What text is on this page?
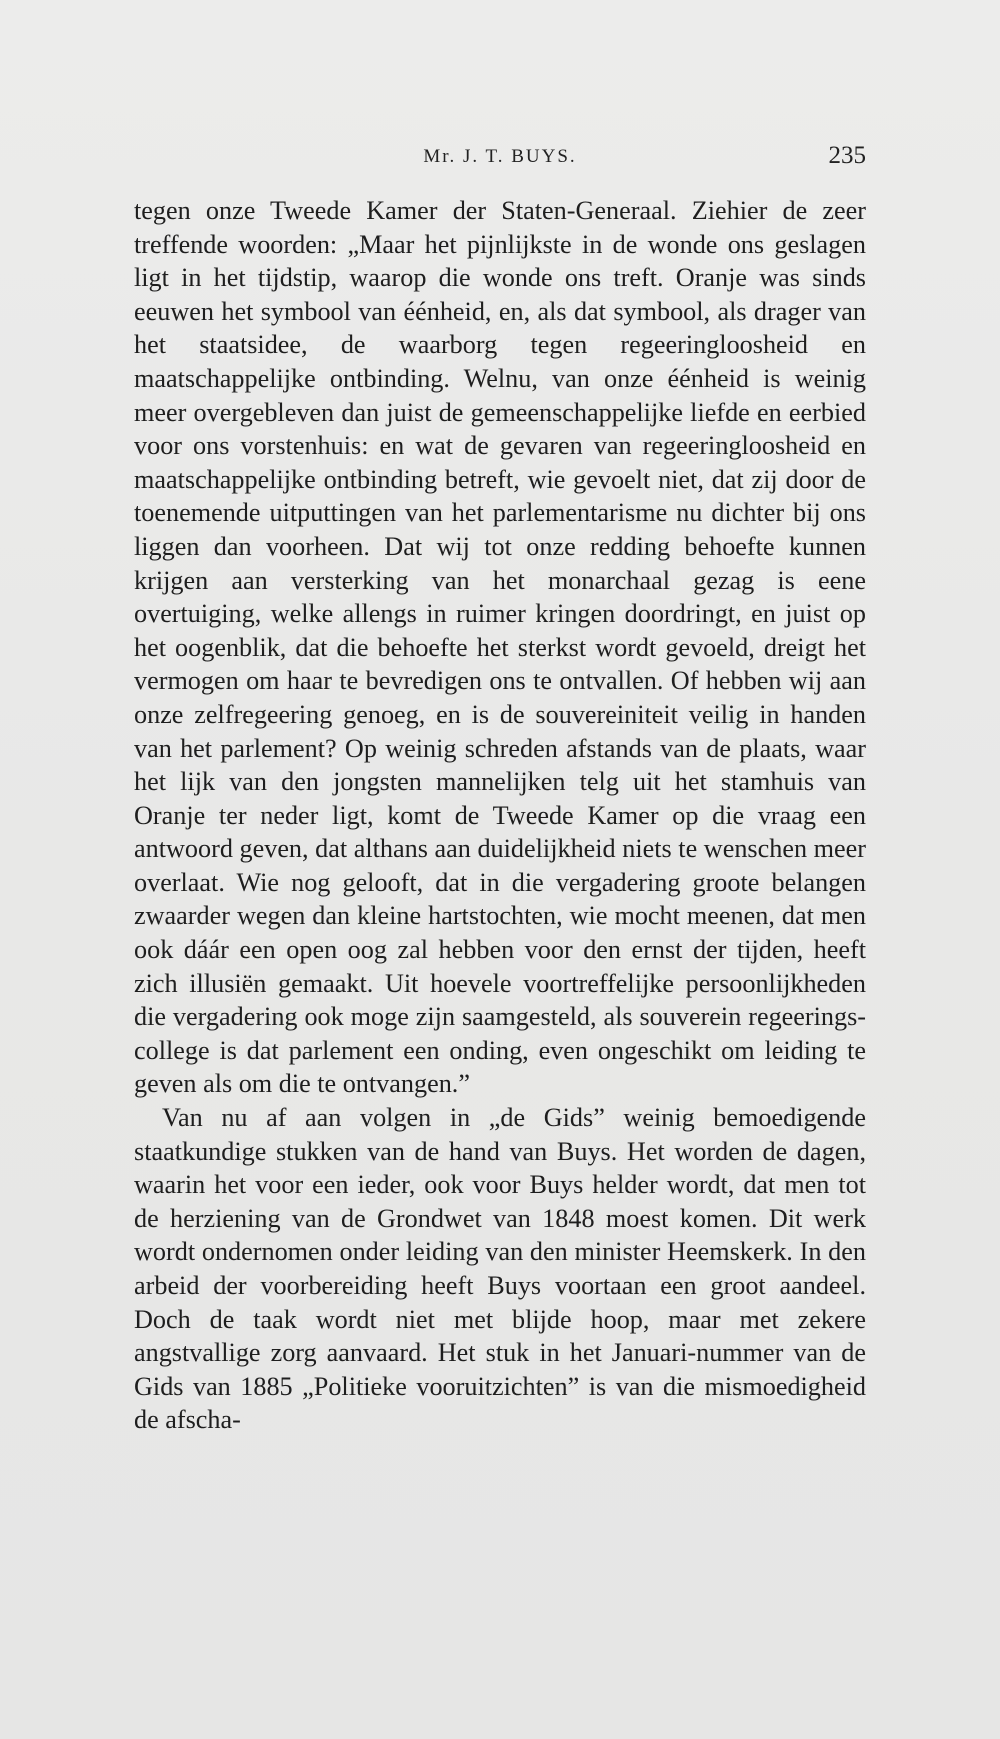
Mr. J. T. BUYS.	235

tegen onze Tweede Kamer der Staten-Generaal. Ziehier de zeer treffende woorden: „Maar het pijnlijkste in de wonde ons geslagen ligt in het tijdstip, waarop die wonde ons treft. Oranje was sinds eeuwen het symbool van éénheid, en, als dat symbool, als drager van het staatsidee, de waarborg tegen regeeringloosheid en maatschappelijke ontbinding. Welnu, van onze éénheid is weinig meer overgebleven dan juist de gemeenschappelijke liefde en eerbied voor ons vorstenhuis: en wat de gevaren van regeeringloosheid en maatschappelijke ontbinding betreft, wie gevoelt niet, dat zij door de toenemende uitputtingen van het parlementarisme nu dichter bij ons liggen dan voorheen. Dat wij tot onze redding behoefte kunnen krijgen aan versterking van het monarchaal gezag is eene overtuiging, welke allengs in ruimer kringen doordringt, en juist op het oogenblik, dat die behoefte het sterkst wordt gevoeld, dreigt het vermogen om haar te bevredigen ons te ontvallen. Of hebben wij aan onze zelfregeering genoeg, en is de souvereiniteit veilig in handen van het parlement? Op weinig schreden afstands van de plaats, waar het lijk van den jongsten mannelijken telg uit het stamhuis van Oranje ter neder ligt, komt de Tweede Kamer op die vraag een antwoord geven, dat althans aan duidelijkheid niets te wenschen meer overlaat. Wie nog gelooft, dat in die vergadering groote belangen zwaarder wegen dan kleine hartstochten, wie mocht meenen, dat men ook dáár een open oog zal hebben voor den ernst der tijden, heeft zich illusiën gemaakt. Uit hoevele voortreffelijke persoonlijkheden die vergadering ook moge zijn saamgesteld, als souverein regeerings-college is dat parlement een onding, even ongeschikt om leiding te geven als om die te ontvangen.”

Van nu af aan volgen in „de Gids” weinig bemoedigende staatkundige stukken van de hand van Buys. Het worden de dagen, waarin het voor een ieder, ook voor Buys helder wordt, dat men tot de herziening van de Grondwet van 1848 moest komen. Dit werk wordt ondernomen onder leiding van den minister Heemskerk. In den arbeid der voorbereiding heeft Buys voortaan een groot aandeel. Doch de taak wordt niet met blijde hoop, maar met zekere angstvallige zorg aanvaard. Het stuk in het Januari-nummer van de Gids van 1885 „Politieke vooruitzichten” is van die mismoedigheid de afscha-
